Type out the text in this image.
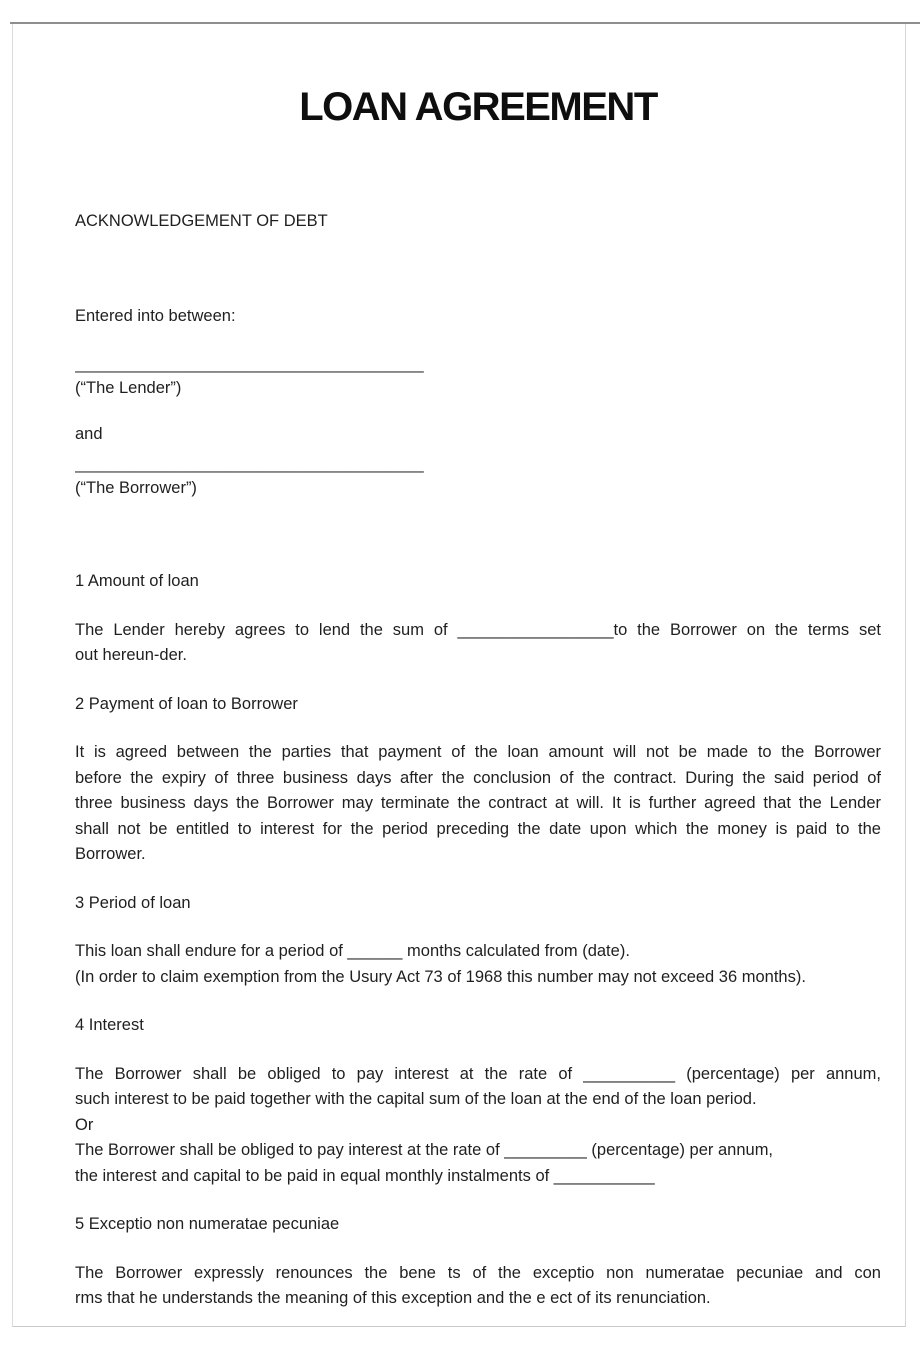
LOAN AGREEMENT
ACKNOWLEDGEMENT OF DEBT
Entered into between:
______________________________________
(“The Lender”)
and
______________________________________
(“The Borrower”)
1 Amount of loan
The Lender hereby agrees to lend the sum of _________________to the Borrower on the terms set
out hereun-der.
2 Payment of loan to Borrower
It is agreed between the parties that payment of the loan amount will not be made to the Borrower
before the expiry of three business days after the conclusion of the contract. During the said period of
three business days the Borrower may terminate the contract at will. It is further agreed that the Lender
shall not be entitled to interest for the period preceding the date upon which the money is paid to the
Borrower.
3 Period of loan
This loan shall endure for a period of ______ months calculated from (date).
(In order to claim exemption from the Usury Act 73 of 1968 this number may not exceed 36 months).
4 Interest
The Borrower shall be obliged to pay interest at the rate of __________ (percentage) per annum,
such interest to be paid together with the capital sum of the loan at the end of the loan period.
Or
The Borrower shall be obliged to pay interest at the rate of _________ (percentage) per annum,
the interest and capital to be paid in equal monthly instalments of ___________
5 Exceptio non numeratae pecuniae
The Borrower expressly renounces the bene ts of the exceptio non numeratae pecuniae and con
rms that he understands the meaning of this exception and the e ect of its renunciation.
